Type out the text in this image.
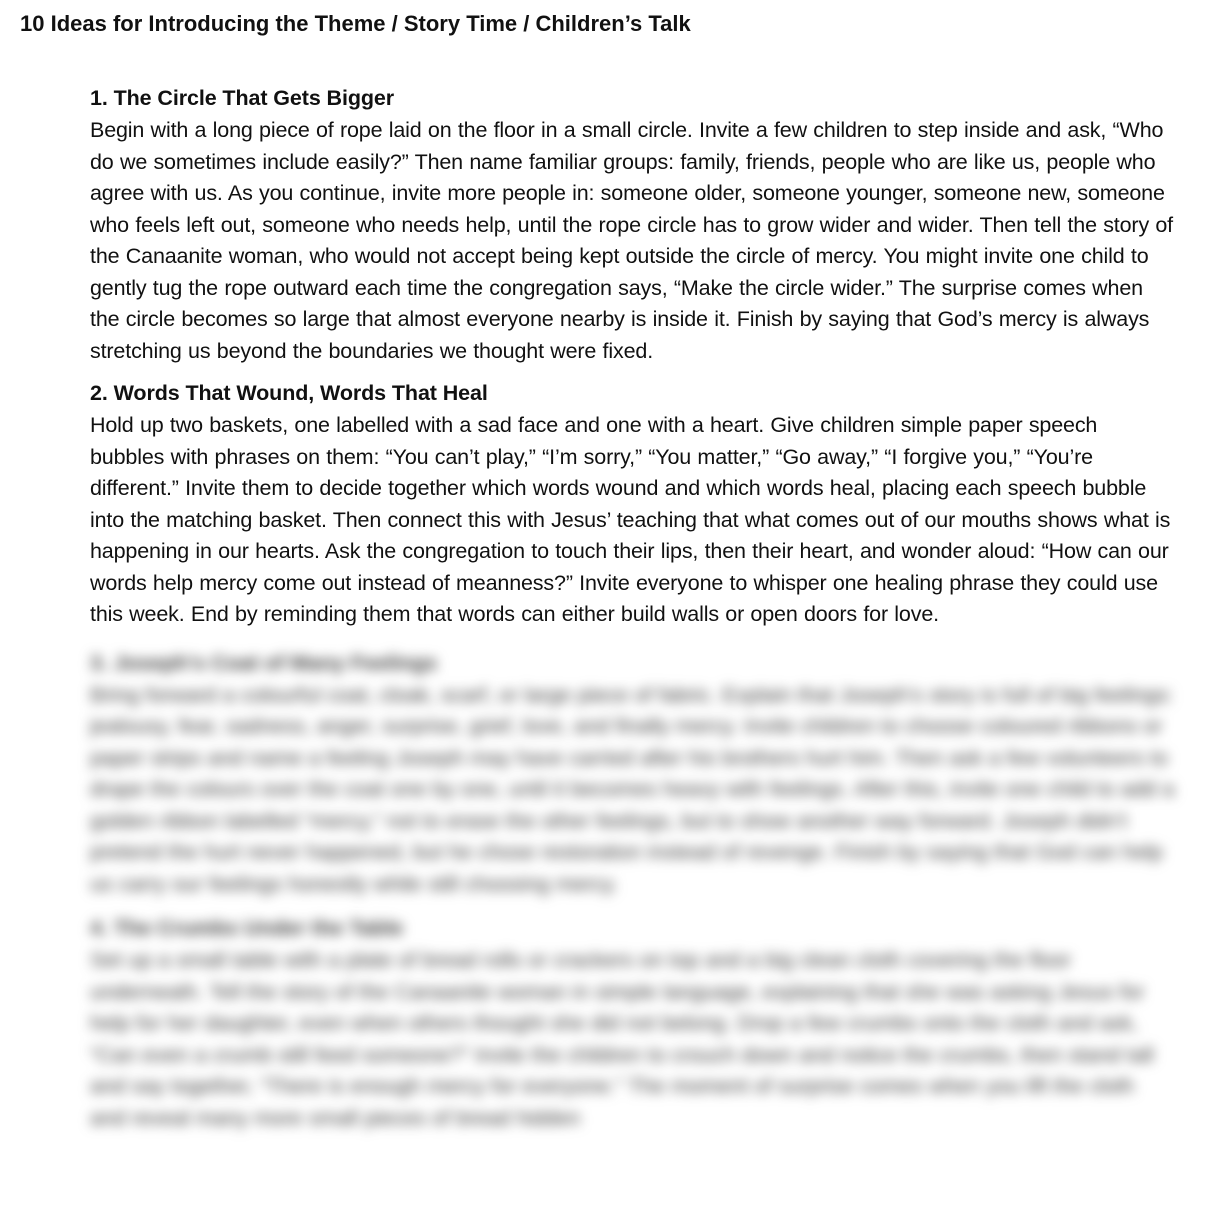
10 Ideas for Introducing the Theme / Story Time / Children’s Talk
1. The Circle That Gets Bigger

Begin with a long piece of rope laid on the floor in a small circle. Invite a few children to step inside and ask, “Who do we sometimes include easily?” Then name familiar groups: family, friends, people who are like us, people who agree with us. As you continue, invite more people in: someone older, someone younger, someone new, someone who feels left out, someone who needs help, until the rope circle has to grow wider and wider. Then tell the story of the Canaanite woman, who would not accept being kept outside the circle of mercy. You might invite one child to gently tug the rope outward each time the congregation says, “Make the circle wider.” The surprise comes when the circle becomes so large that almost everyone nearby is inside it. Finish by saying that God’s mercy is always stretching us beyond the boundaries we thought were fixed.

2. Words That Wound, Words That Heal

Hold up two baskets, one labelled with a sad face and one with a heart. Give children simple paper speech bubbles with phrases on them: “You can’t play,” “I’m sorry,” “You matter,” “Go away,” “I forgive you,” “You’re different.” Invite them to decide together which words wound and which words heal, placing each speech bubble into the matching basket. Then connect this with Jesus’ teaching that what comes out of our mouths shows what is happening in our hearts. Ask the congregation to touch their lips, then their heart, and wonder aloud: “How can our words help mercy come out instead of meanness?” Invite everyone to whisper one healing phrase they could use this week. End by reminding them that words can either build walls or open doors for love.

3. Joseph’s Coat of Many Feelings

Bring forward a colourful coat, cloak, scarf, or large piece of fabric. Explain that Joseph’s story is full of big feelings: jealousy, fear, sadness, anger, surprise, grief, love, and finally mercy. Invite children to choose coloured ribbons or paper strips and name a feeling Joseph may have carried after his brothers hurt him. Then ask a few volunteers to drape the colours over the coat one by one, until it becomes heavy with feelings. After this, invite one child to add a golden ribbon labelled “mercy,” not to erase the other feelings, but to show another way forward. Joseph didn’t pretend the hurt never happened, but he chose restoration instead of revenge. Finish by saying that God can help us carry our feelings honestly while still choosing mercy.

4. The Crumbs Under the Table

Set up a small table with a plate of bread rolls or crackers on top and a big clean cloth covering the floor underneath. Tell the story of the Canaanite woman in simple language, explaining that she was asking Jesus for help for her daughter, even when others thought she did not belong. Drop a few crumbs onto the cloth and ask, “Can even a crumb still feed someone?” Invite the children to crouch down and notice the crumbs, then stand tall and say together, “There is enough mercy for everyone.” The moment of surprise comes when you lift the cloth and reveal many more small pieces of bread hidden
